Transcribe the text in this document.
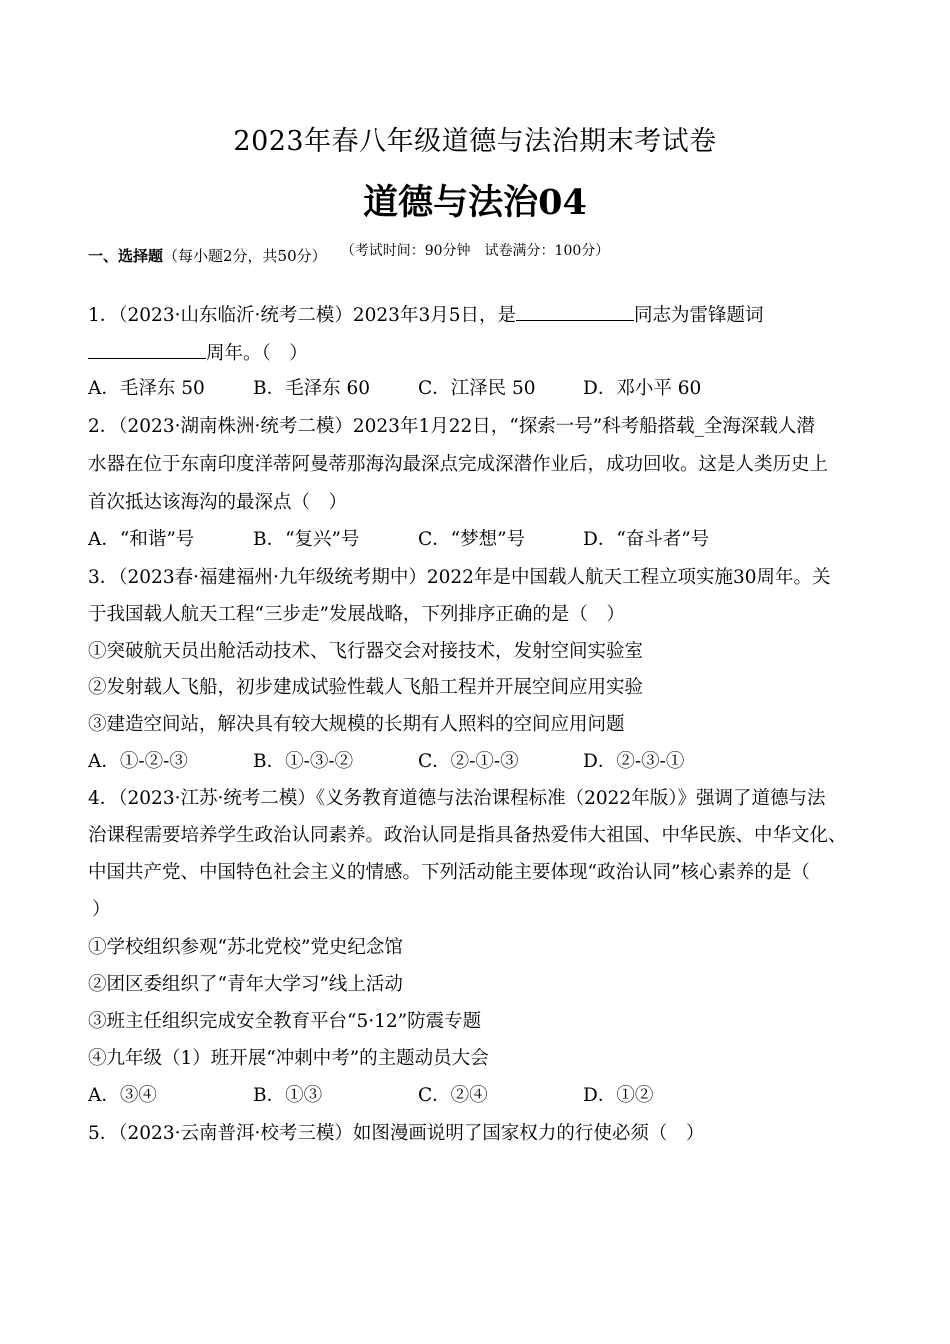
2023年春八年级道德与法治期末考试卷
道德与法治04
（考试时间：90分钟　试卷满分：100分）
一、选择题（每小题2分，共50分）
1．（2023·山东临沂·统考二模）2023年3月5日，是	同志为雷锋题词
周年。（　）
A．毛泽东 50	B．毛泽东 60	C．江泽民 50	D．邓小平 60
2．（2023·湖南株洲·统考二模）2023年1月22日，“探索一号”科考船搭载_全海深载人潜
水器在位于东南印度洋蒂阿曼蒂那海沟最深点完成深潜作业后，成功回收。这是人类历史上
首次抵达该海沟的最深点（　）
A．“和谐”号	B．“复兴”号	C．“梦想”号	D．“奋斗者”号
3．（2023春·福建福州·九年级统考期中）2022年是中国载人航天工程立项实施30周年。关
于我国载人航天工程“三步走”发展战略，下列排序正确的是（　）
①突破航天员出舱活动技术、飞行器交会对接技术，发射空间实验室
②发射载人飞船，初步建成试验性载人飞船工程并开展空间应用实验
③建造空间站，解决具有较大规模的长期有人照料的空间应用问题
A．①-②-③	B．①-③-②	C．②-①-③	D．②-③-①
4．（2023·江苏·统考二模）《义务教育道德与法治课程标准（2022年版）》强调了道德与法
治课程需要培养学生政治认同素养。政治认同是指具备热爱伟大祖国、中华民族、中华文化、
中国共产党、中国特色社会主义的情感。下列活动能主要体现“政治认同”核心素养的是（
）
①学校组织参观“苏北党校”党史纪念馆
②团区委组织了“青年大学习”线上活动
③班主任组织完成安全教育平台“5·12”防震专题
④九年级（1）班开展“冲刺中考”的主题动员大会
A．③④	B．①③	C．②④	D．①②
5．（2023·云南普洱·校考三模）如图漫画说明了国家权力的行使必须（　）
